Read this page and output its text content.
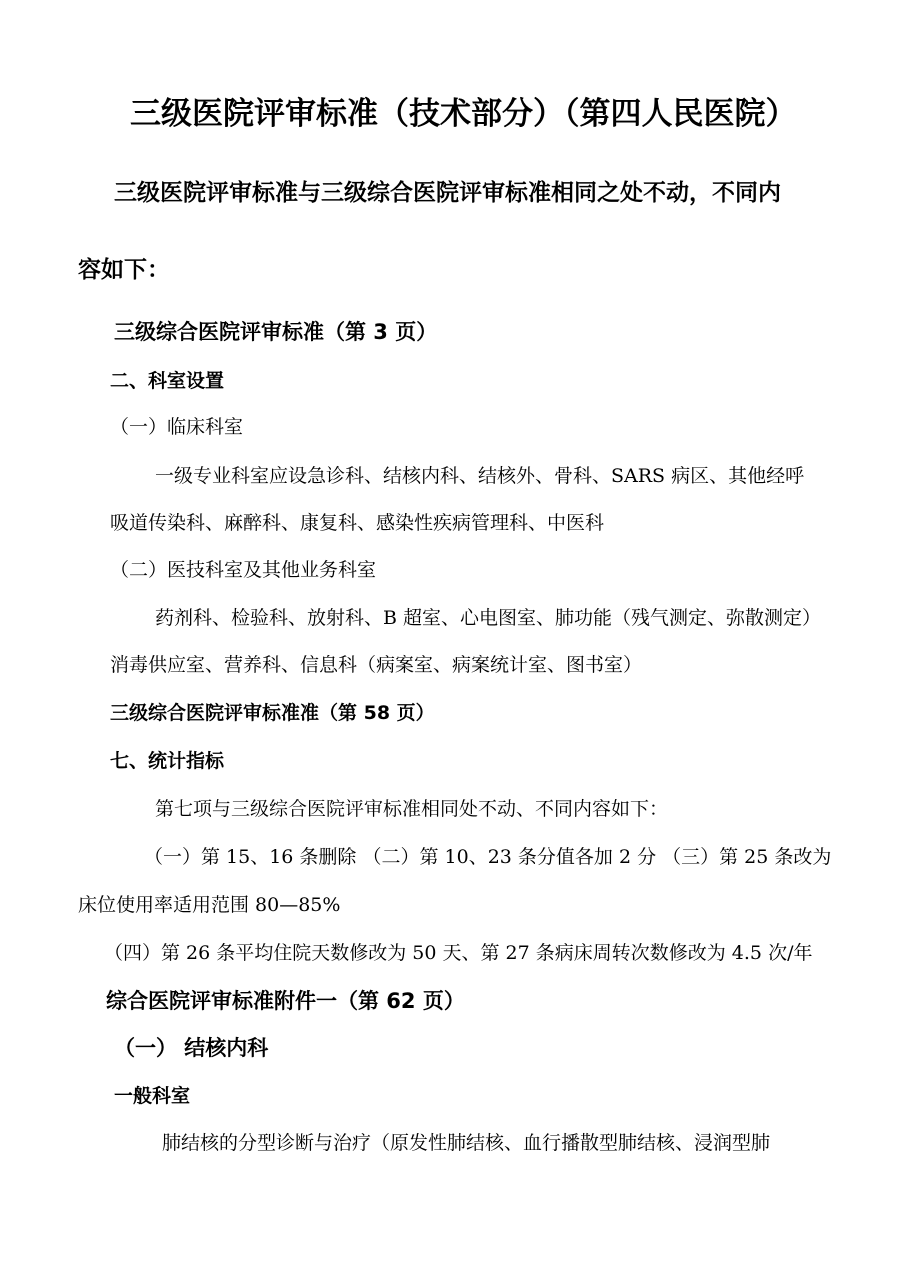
三级医院评审标准（技术部分）（第四人民医院）
三级医院评审标准与三级综合医院评审标准相同之处不动，不同内
容如下：
三级综合医院评审标准（第 3 页）
二、科室设置
（一）临床科室
一级专业科室应设急诊科、结核内科、结核外、骨科、SARS 病区、其他经呼
吸道传染科、麻醉科、康复科、感染性疾病管理科、中医科
（二）医技科室及其他业务科室
药剂科、检验科、放射科、B 超室、心电图室、肺功能（残气测定、弥散测定）
消毒供应室、营养科、信息科（病案室、病案统计室、图书室）
三级综合医院评审标准准（第 58 页）
七、统计指标
第七项与三级综合医院评审标准相同处不动、不同内容如下：
（一）第 15、16 条删除 （二）第 10、23 条分值各加 2 分 （三）第 25 条改为
床位使用率适用范围 80—85%
（四）第 26 条平均住院天数修改为 50 天、第 27 条病床周转次数修改为 4.5 次/年
综合医院评审标准附件一（第 62 页）
（一） 结核内科
一般科室
肺结核的分型诊断与治疗（原发性肺结核、血行播散型肺结核、浸润型肺
